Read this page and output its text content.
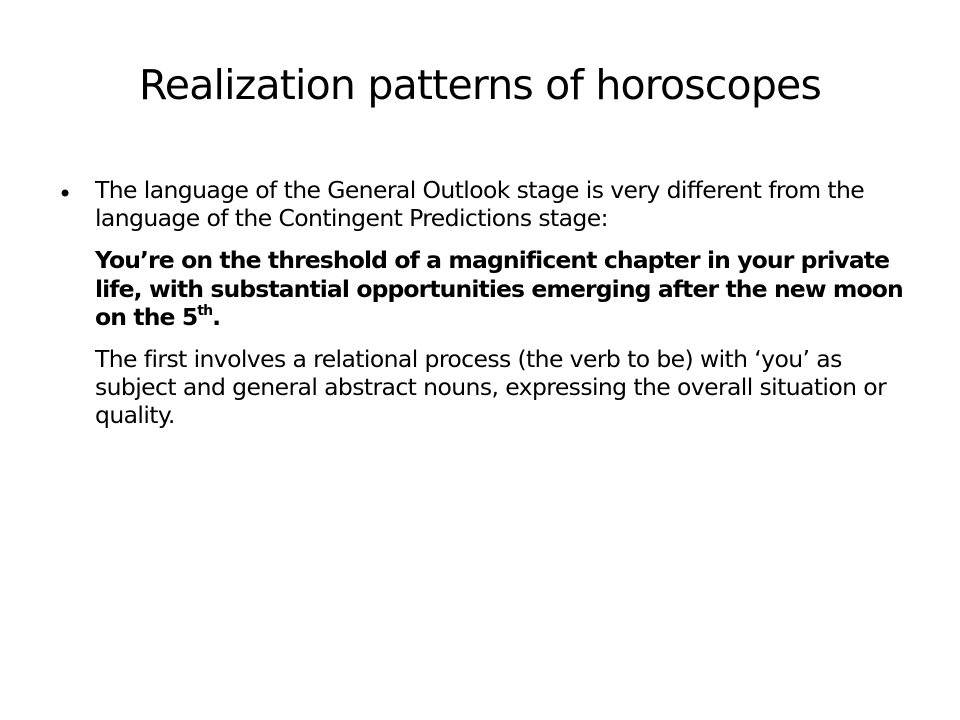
Realization patterns of horoscopes
• The language of the General Outlook stage is very different from the language of the Contingent Predictions stage:

You’re on the threshold of a magnificent chapter in your private life, with substantial opportunities emerging after the new moon on the 5th.

The first involves a relational process (the verb to be) with ‘you’ as subject and general abstract nouns, expressing the overall situation or quality.
